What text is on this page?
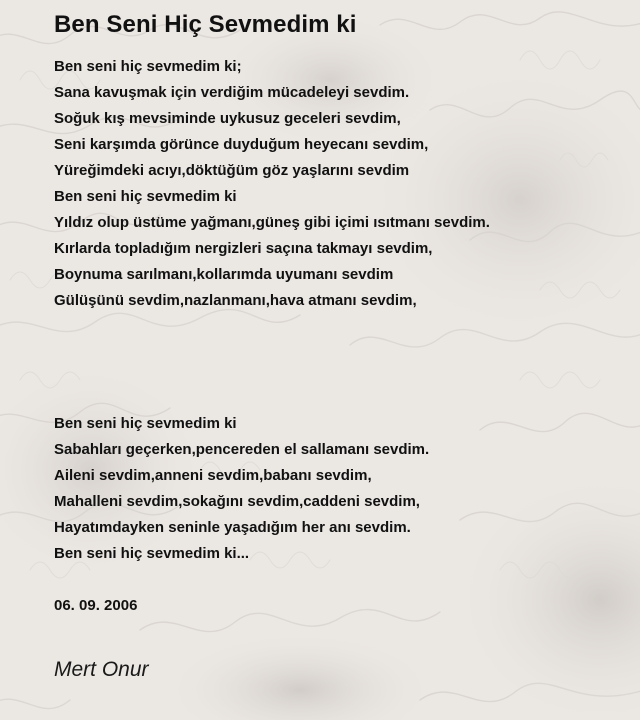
Ben Seni Hiç Sevmedim ki
Ben seni hiç sevmedim ki;
Sana kavuşmak için verdiğim mücadeleyi sevdim.
Soğuk kış mevsiminde uykusuz geceleri sevdim,
Seni karşımda görünce duyduğum heyecanı sevdim,
Yüreğimdeki acıyı,döktüğüm göz yaşlarını sevdim
Ben seni hiç sevmedim ki
Yıldız olup üstüme yağmanı,güneş gibi içimi ısıtmanı sevdim.
Kırlarda topladığım nergizleri saçına takmayı sevdim,
Boynuma sarılmanı,kollarımda uyumanı sevdim
Gülüşünü sevdim,nazlanmanı,hava atmanı sevdim,
Ben seni hiç sevmedim ki
Sabahları geçerken,pencereden el sallamanı sevdim.
Aileni sevdim,anneni sevdim,babanı sevdim,
Mahalleni sevdim,sokağını sevdim,caddeni sevdim,
Hayatımdayken seninle yaşadığım her anı sevdim.
Ben seni hiç sevmedim ki...
06. 09. 2006
Mert Onur
